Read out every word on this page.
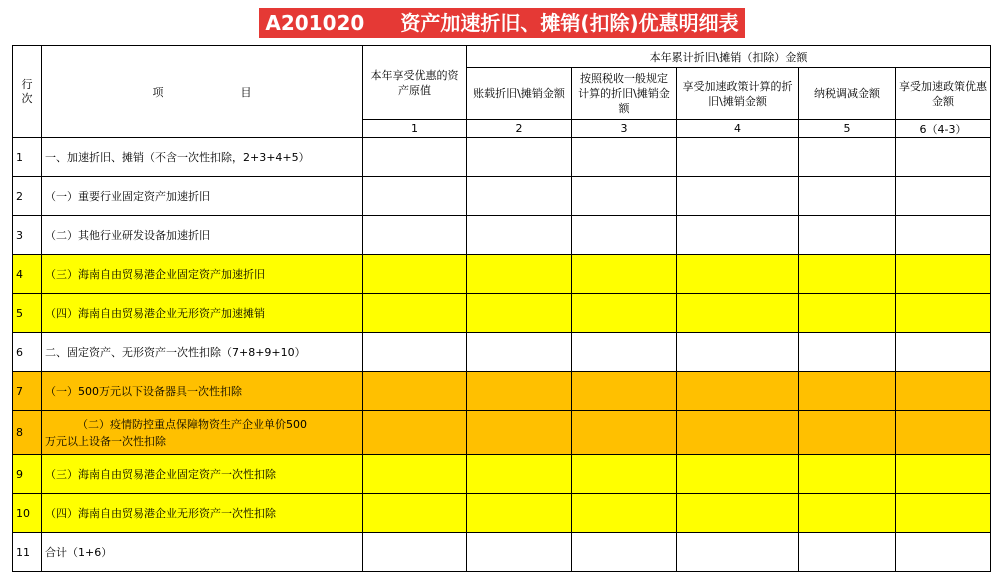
A201020 资产加速折旧、摊销(扣除)优惠明细表
行次	项                      目	本年享受优惠的资产原值	本年累计折旧\摊销（扣除）金额				
			账载折旧\摊销金额	按照税收一般规定计算的折旧\摊销金额	享受加速政策计算的折旧\摊销金额	纳税调减金额	享受加速政策优惠金额
		1	2	3	4	5	6（4-3）
1	一、加速折旧、摊销（不含一次性扣除，2+3+4+5）						
2	（一）重要行业固定资产加速折旧						
3	（二）其他行业研发设备加速折旧						
4	（三）海南自由贸易港企业固定资产加速折旧						
5	（四）海南自由贸易港企业无形资产加速摊销						
6	二、固定资产、无形资产一次性扣除（7+8+9+10）						
7	（一）500万元以下设备器具一次性扣除						
8	（二）疫情防控重点保障物资生产企业单价500
万元以上设备一次性扣除						

9	（三）海南自由贸易港企业固定资产一次性扣除						
10	（四）海南自由贸易港企业无形资产一次性扣除						
11	合计（1+6）						
